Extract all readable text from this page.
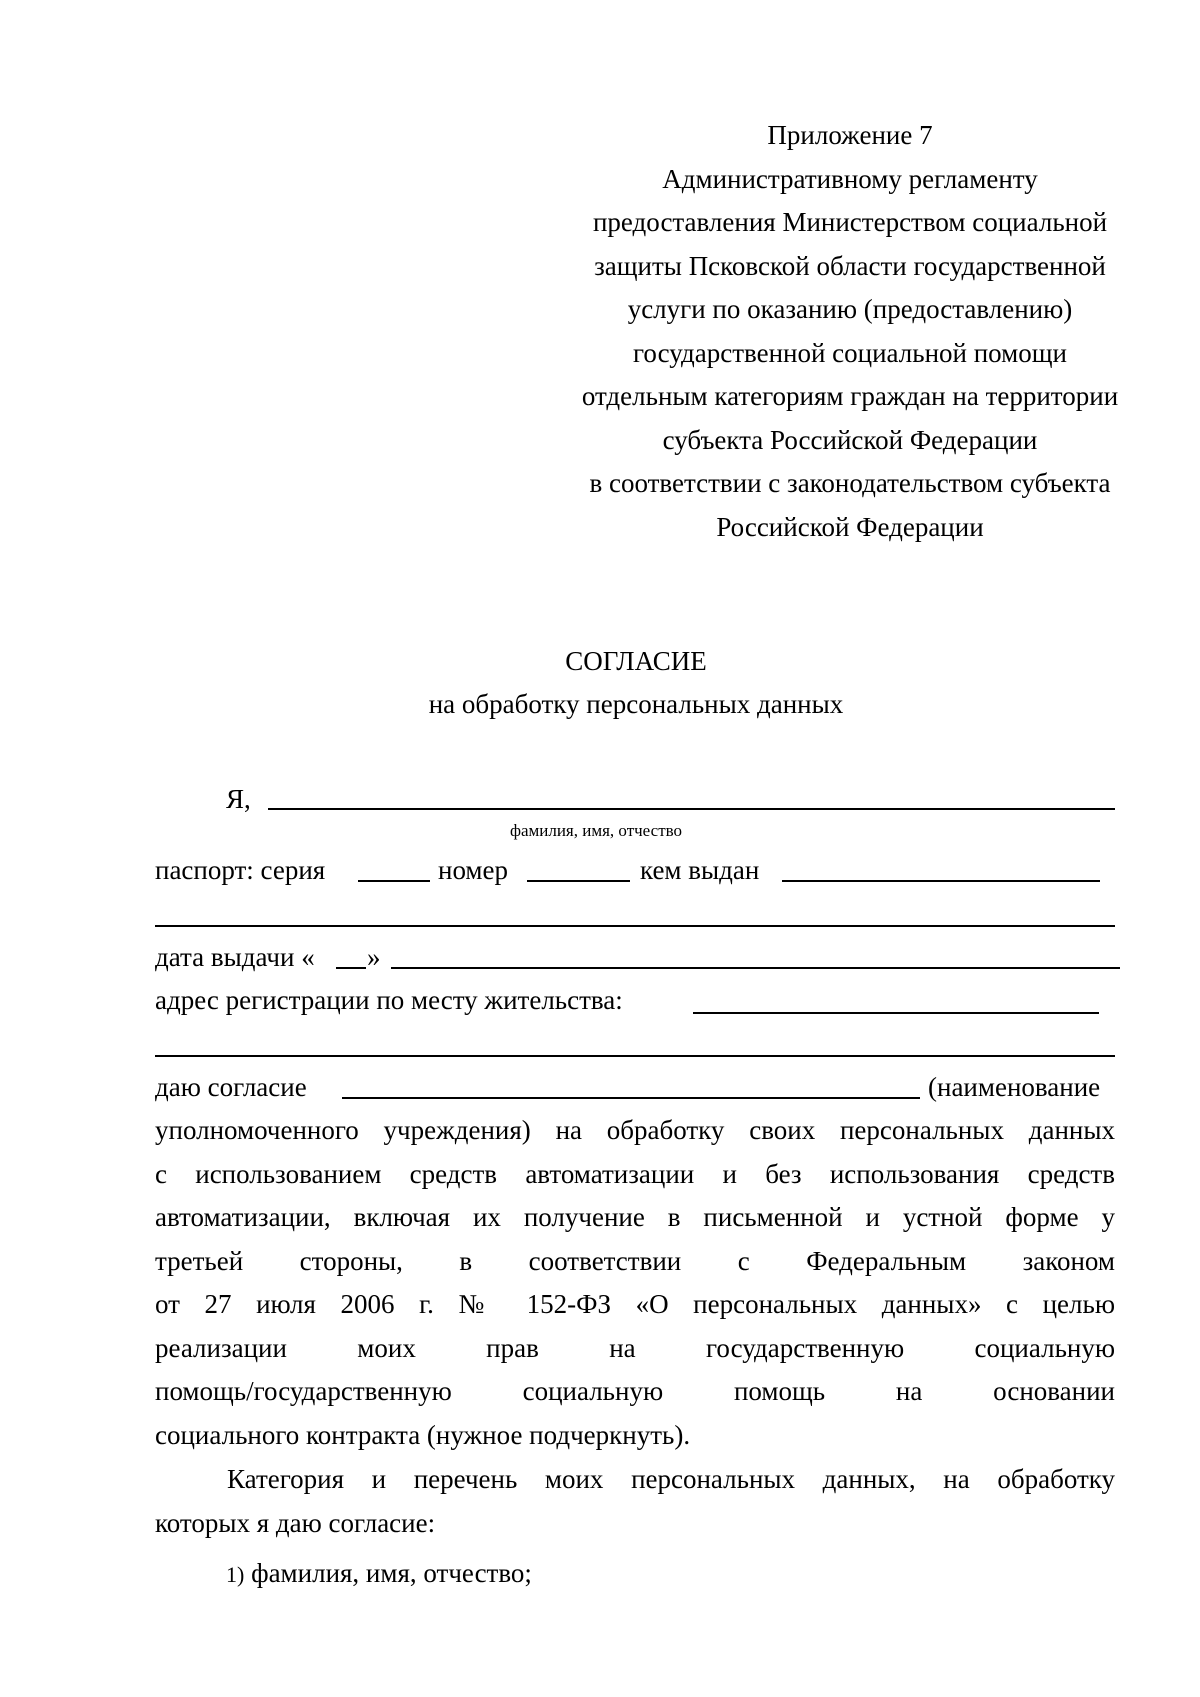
Приложение 7
Административному регламенту
предоставления Министерством социальной
защиты Псковской области государственной
услуги по оказанию (предоставлению)
государственной социальной помощи
отдельным категориям граждан на территории
субъекта Российской Федерации
в соответствии с законодательством субъекта
Российской Федерации
СОГЛАСИЕ
на обработку персональных данных
Я,
фамилия, имя, отчество
паспорт: серия	номер	кем выдан
дата выдачи « »
адрес регистрации по месту жительства:
даю согласие	(наименование
уполномоченного учреждения) на обработку своих персональных данных
с использованием средств автоматизации и без использования средств
автоматизации, включая их получение в письменной и устной форме у
третьей стороны, в соответствии с Федеральным законом
от 27 июля 2006 г. № 152-ФЗ «О персональных данных» с целью
реализации моих прав на государственную социальную
помощь/государственную социальную помощь на основании
социального контракта (нужное подчеркнуть).
Категория и перечень моих персональных данных, на обработку
которых я даю согласие:
1) фамилия, имя, отчество;
